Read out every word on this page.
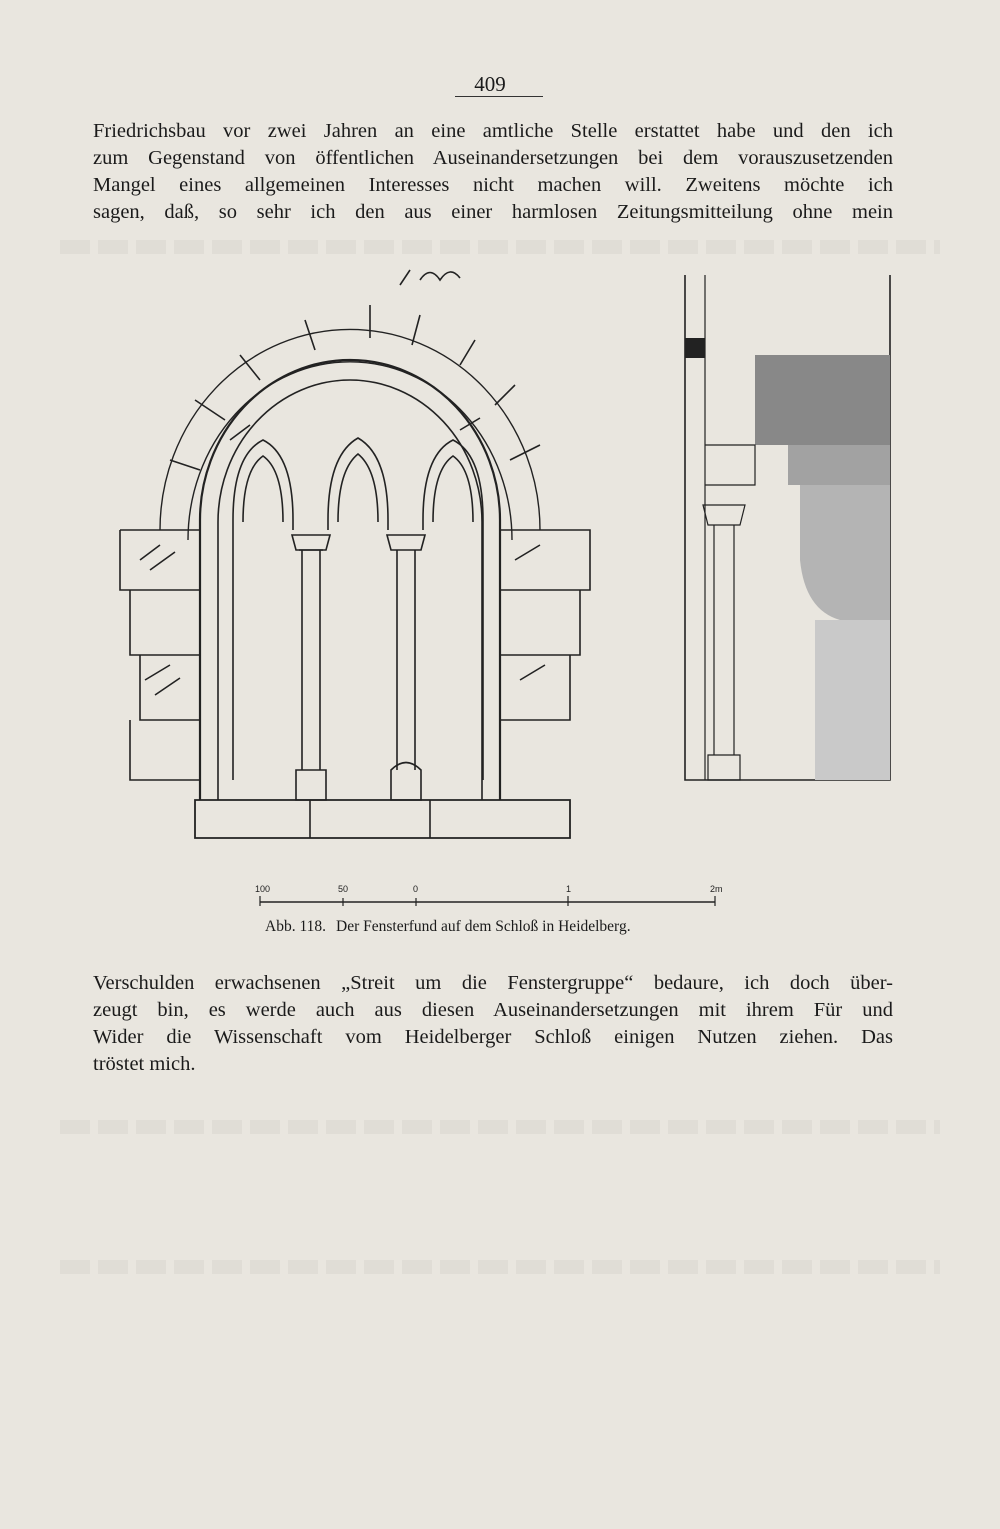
409
Friedrichsbau vor zwei Jahren an eine amtliche Stelle erstattet habe und den ich
zum Gegenstand von öffentlichen Auseinandersetzungen bei dem vorauszusetzenden
Mangel eines allgemeinen Interesses nicht machen will. Zweitens möchte ich
sagen, daß, so sehr ich den aus einer harmlosen Zeitungsmitteilung ohne mein
100	50	0	1	2m
Abb. 118. Der Fensterfund auf dem Schloß in Heidelberg.
Verschulden erwachsenen „Streit um die Fenstergruppe“ bedaure, ich doch über-
zeugt bin, es werde auch aus diesen Auseinandersetzungen mit ihrem Für und
Wider die Wissenschaft vom Heidelberger Schloß einigen Nutzen ziehen. Das
tröstet mich.
